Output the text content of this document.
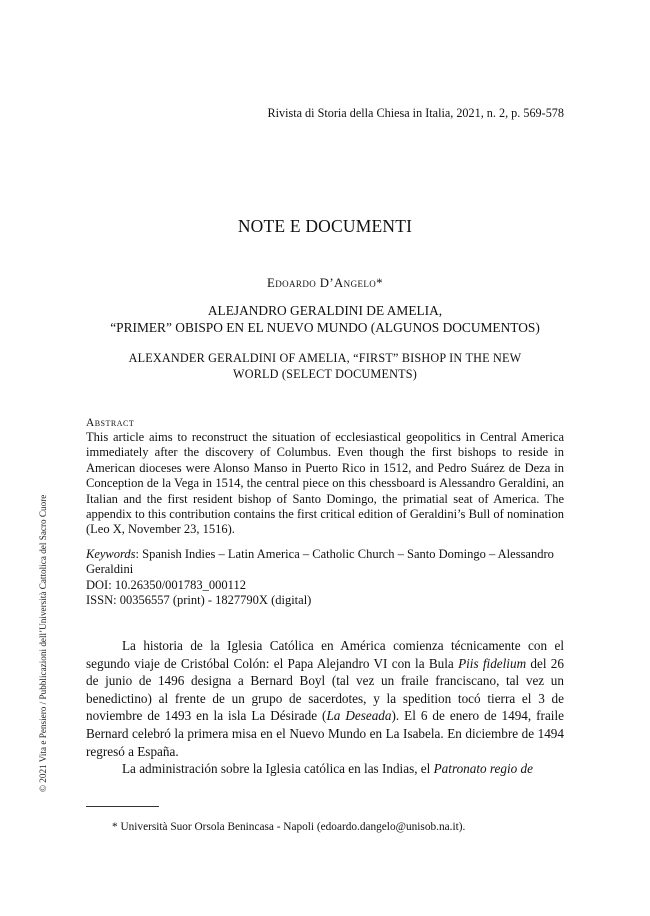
Rivista di Storia della Chiesa in Italia, 2021, n. 2, p. 569-578
NOTE E DOCUMENTI
Edoardo D’Angelo*
ALEJANDRO GERALDINI DE AMELIA,
“PRIMER” OBISPO EN EL NUEVO MUNDO (ALGUNOS DOCUMENTOS)
ALEXANDER GERALDINI OF AMELIA, “FIRST” BISHOP IN THE NEW
WORLD (SELECT DOCUMENTS)
Abstract
This article aims to reconstruct the situation of ecclesiastical geopolitics in Central America immediately after the discovery of Columbus. Even though the first bishops to reside in American dioceses were Alonso Manso in Puerto Rico in 1512, and Pedro Suárez de Deza in Conception de la Vega in 1514, the central piece on this chessboard is Alessandro Geraldini, an Italian and the first resident bishop of Santo Domingo, the primatial seat of America. The appendix to this contribution contains the first critical edition of Geraldini’s Bull of nomination (Leo X, November 23, 1516).
Keywords: Spanish Indies – Latin America – Catholic Church – Santo Domingo – Alessandro Geraldini
DOI: 10.26350/001783_000112
ISSN: 00356557 (print) - 1827790X (digital)

La historia de la Iglesia Católica en América comienza técnicamente con el segundo viaje de Cristóbal Colón: el Papa Alejandro VI con la Bula Piis fidelium del 26 de junio de 1496 designa a Bernard Boyl (tal vez un fraile franciscano, tal vez un benedictino) al frente de un grupo de sacerdotes, y la spedition tocó tierra el 3 de noviembre de 1493 en la isla La Désirade (La Deseada). El 6 de enero de 1494, fraile Bernard celebró la primera misa en el Nuevo Mundo en La Isabela. En diciembre de 1494 regresó a España.

La administración sobre la Iglesia católica en las Indias, el Patronato regio de

* Università Suor Orsola Benincasa - Napoli (edoardo.dangelo@unisob.na.it).
© 2021 Vita e Pensiero / Pubblicazioni dell’Università Cattolica del Sacro Cuore
